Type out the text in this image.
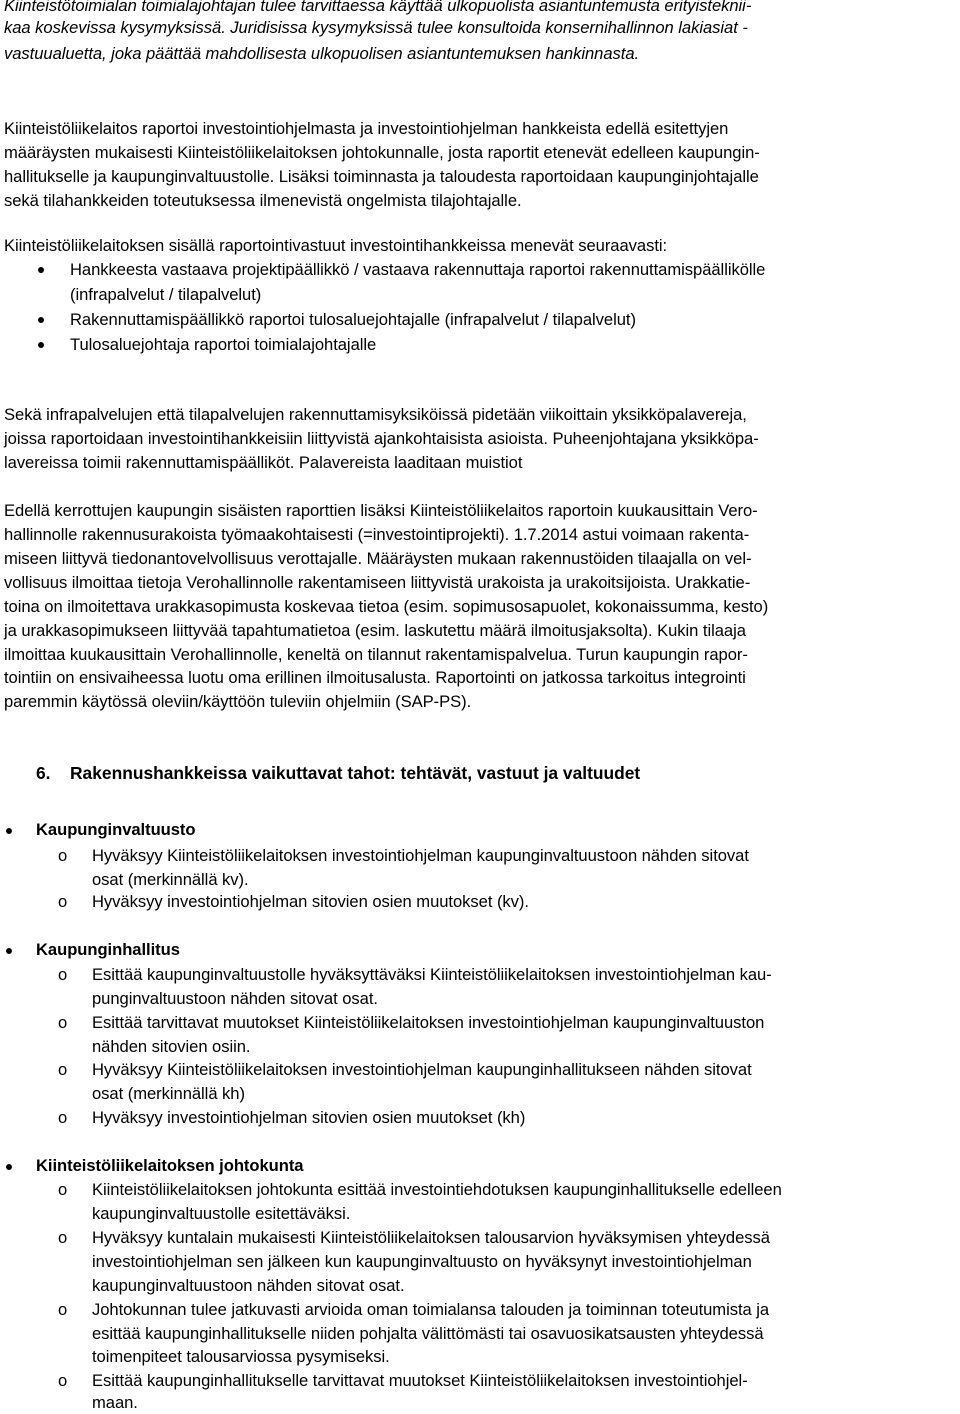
Kiinteistötoimialan toimialajohtajan tulee tarvittaessa käyttää ulkopuolista asiantuntemusta erityisteknii-
kaa koskevissa kysymyksissä. Juridisissa kysymyksissä tulee konsultoida konsernihallinnon lakiasiat -
vastuualuetta, joka päättää mahdollisesta ulkopuolisen asiantuntemuksen hankinnasta.
Kiinteistöliikelaitos raportoi investointiohjelmasta ja investointiohjelman hankkeista edellä esitettyjen
määräysten mukaisesti Kiinteistöliikelaitoksen johtokunnalle, josta raportit etenevät edelleen kaupungin-
hallitukselle ja kaupunginvaltuustolle. Lisäksi toiminnasta ja taloudesta raportoidaan kaupunginjohtajalle
sekä tilahankkeiden toteutuksessa ilmenevistä ongelmista tilajohtajalle.
Kiinteistöliikelaitoksen sisällä raportointivastuut investointihankkeissa menevät seuraavasti:
Hankkeesta vastaava projektipäällikkö / vastaava rakennuttaja raportoi rakennuttamispäällikölle
(infrapalvelut / tilapalvelut)
Rakennuttamispäällikkö raportoi tulosaluejohtajalle (infrapalvelut / tilapalvelut)
Tulosaluejohtaja raportoi toimialajohtajalle
Sekä infrapalvelujen että tilapalvelujen rakennuttamisyksiköissä pidetään viikoittain yksikköpalavereja,
joissa raportoidaan investointihankkeisiin liittyvistä ajankohtaisista asioista. Puheenjohtajana yksikköpa-
lavereissa toimii rakennuttamispäälliköt. Palavereista laaditaan muistiot
Edellä kerrottujen kaupungin sisäisten raporttien lisäksi Kiinteistöliikelaitos raportoin kuukausittain Vero-
hallinnolle rakennusurakoista työmaakohtaisesti (=investointiprojekti). 1.7.2014 astui voimaan rakenta-
miseen liittyvä tiedonantovelvollisuus verottajalle. Määräysten mukaan rakennustöiden tilaajalla on vel-
vollisuus ilmoittaa tietoja Verohallinnolle rakentamiseen liittyvistä urakoista ja urakoitsijoista. Urakkatie-
toina on ilmoitettava urakkasopimusta koskevaa tietoa (esim. sopimusosapuolet, kokonaissumma, kesto)
ja urakkasopimukseen liittyvää tapahtumatietoa (esim. laskutettu määrä ilmoitusjaksolta). Kukin tilaaja
ilmoittaa kuukausittain Verohallinnolle, keneltä on tilannut rakentamispalvelua. Turun kaupungin rapor-
tointiin on ensivaiheessa luotu oma erillinen ilmoitusalusta. Raportointi on jatkossa tarkoitus integrointi
paremmin käytössä oleviin/käyttöön tuleviin ohjelmiin (SAP-PS).
6. Rakennushankkeissa vaikuttavat tahot: tehtävät, vastuut ja valtuudet
Kaupunginvaltuusto
o Hyväksyy Kiinteistöliikelaitoksen investointiohjelman kaupunginvaltuustoon nähden sitovat
osat (merkinnällä kv).
o Hyväksyy investointiohjelman sitovien osien muutokset (kv).
Kaupunginhallitus
o Esittää kaupunginvaltuustolle hyväksyttäväksi Kiinteistöliikelaitoksen investointiohjelman kau-
punginvaltuustoon nähden sitovat osat.
o Esittää tarvittavat muutokset Kiinteistöliikelaitoksen investointiohjelman kaupunginvaltuuston
nähden sitovien osiin.
o Hyväksyy Kiinteistöliikelaitoksen investointiohjelman kaupunginhallitukseen nähden sitovat
osat (merkinnällä kh)
o Hyväksyy investointiohjelman sitovien osien muutokset (kh)
Kiinteistöliikelaitoksen johtokunta
o Kiinteistöliikelaitoksen johtokunta esittää investointiehdotuksen kaupunginhallitukselle edelleen
kaupunginvaltuustolle esitettäväksi.
o Hyväksyy kuntalain mukaisesti Kiinteistöliikelaitoksen talousarvion hyväksymisen yhteydessä
investointiohjelman sen jälkeen kun kaupunginvaltuusto on hyväksynyt investointiohjelman
kaupunginvaltuustoon nähden sitovat osat.
o Johtokunnan tulee jatkuvasti arvioida oman toimialansa talouden ja toiminnan toteutumista ja
esittää kaupunginhallitukselle niiden pohjalta välittömästi tai osavuosikatsausten yhteydessä
toimenpiteet talousarviossa pysymiseksi.
o Esittää kaupunginhallitukselle tarvittavat muutokset Kiinteistöliikelaitoksen investointiohjel-
maan.
